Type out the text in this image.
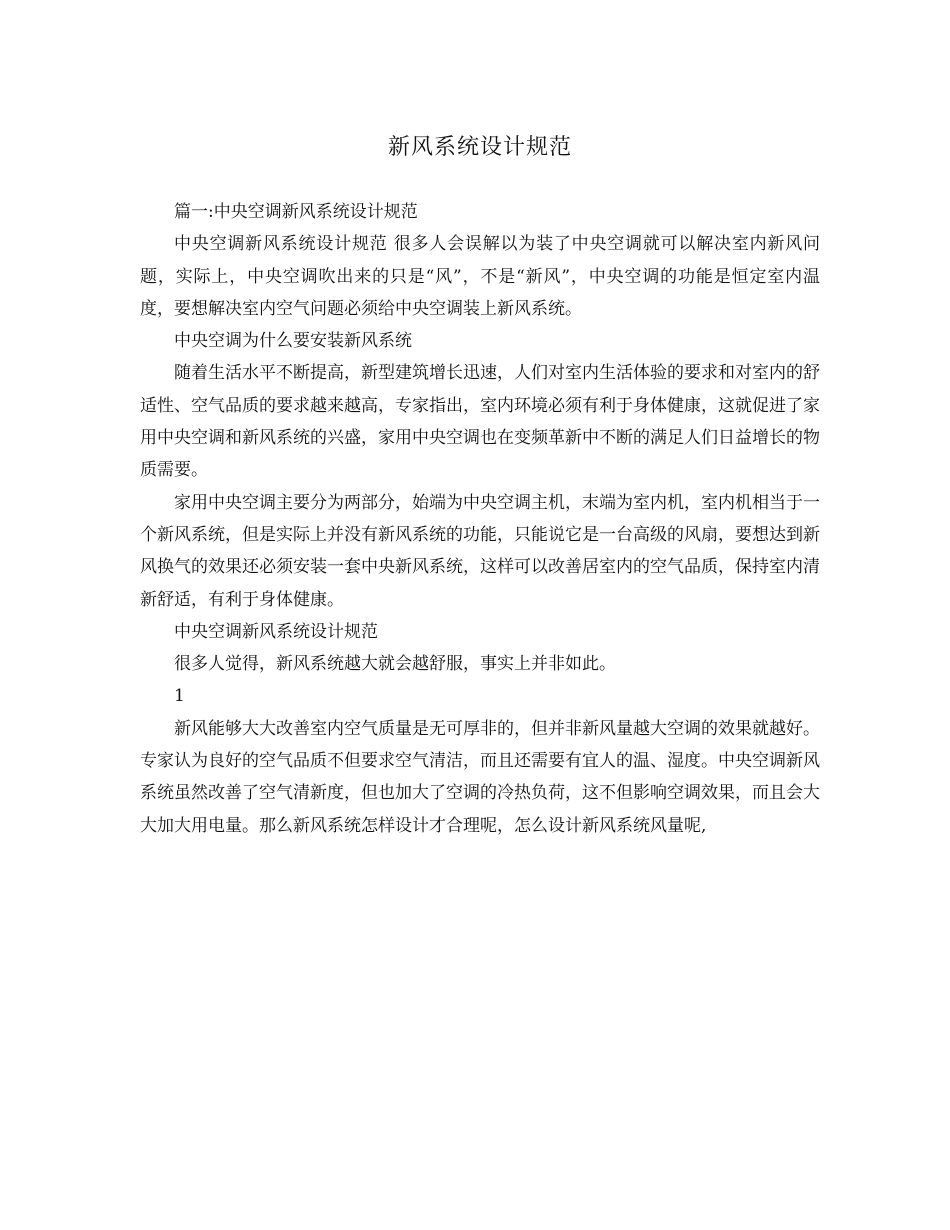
新风系统设计规范

篇一:中央空调新风系统设计规范

中央空调新风系统设计规范 很多人会误解以为装了中央空调就可以解决室内新风问题，实际上，中央空调吹出来的只是“风”，不是“新风”，中央空调的功能是恒定室内温度，要想解决室内空气问题必须给中央空调装上新风系统。

中央空调为什么要安装新风系统

随着生活水平不断提高，新型建筑增长迅速，人们对室内生活体验的要求和对室内的舒适性、空气品质的要求越来越高，专家指出，室内环境必须有利于身体健康，这就促进了家用中央空调和新风系统的兴盛，家用中央空调也在变频革新中不断的满足人们日益增长的物质需要。

家用中央空调主要分为两部分，始端为中央空调主机，末端为室内机，室内机相当于一个新风系统，但是实际上并没有新风系统的功能，只能说它是一台高级的风扇，要想达到新风换气的效果还必须安装一套中央新风系统，这样可以改善居室内的空气品质，保持室内清新舒适，有利于身体健康。

中央空调新风系统设计规范

很多人觉得，新风系统越大就会越舒服，事实上并非如此。

1

新风能够大大改善室内空气质量是无可厚非的，但并非新风量越大空调的效果就越好。专家认为良好的空气品质不但要求空气清洁，而且还需要有宜人的温、湿度。中央空调新风系统虽然改善了空气清新度，但也加大了空调的冷热负荷，这不但影响空调效果，而且会大大加大用电量。那么新风系统怎样设计才合理呢，怎么设计新风系统风量呢,
